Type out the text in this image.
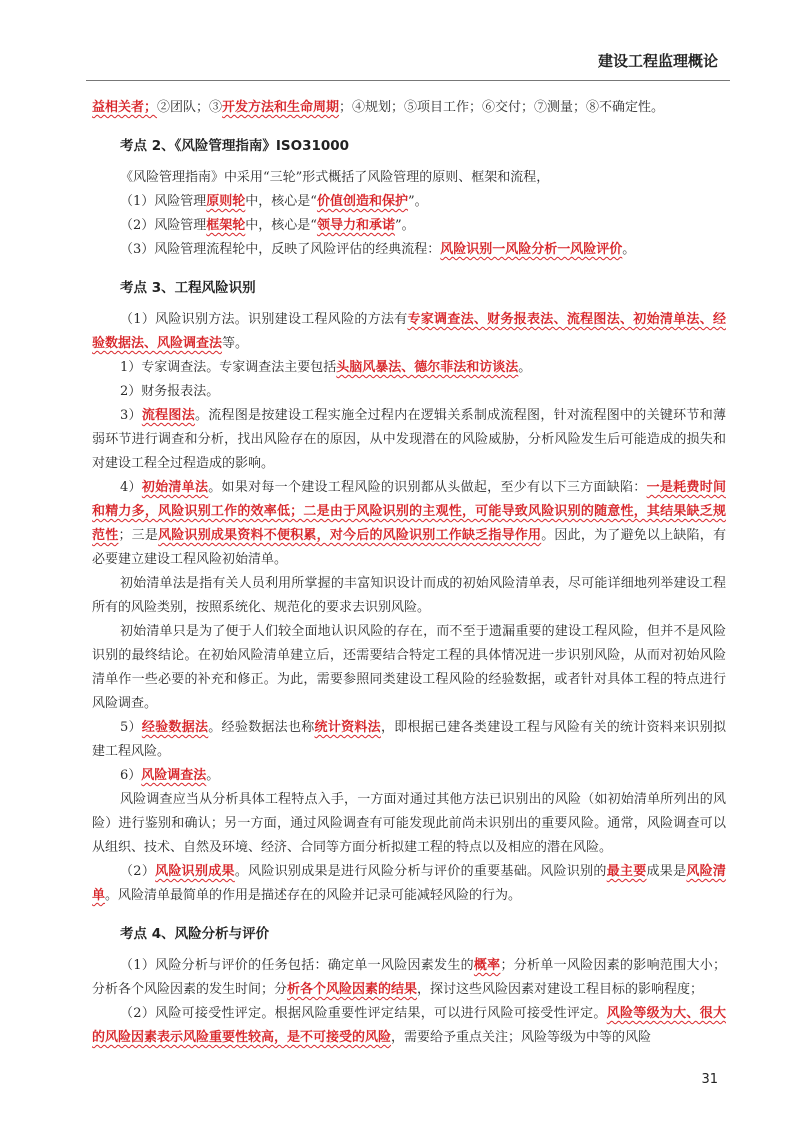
建设工程监理概论

益相关者；②团队；③开发方法和生命周期；④规划；⑤项目工作；⑥交付；⑦测量；⑧不确定性。

考点 2、《风险管理指南》ISO31000

《风险管理指南》中采用“三轮”形式概括了风险管理的原则、框架和流程，

（1）风险管理原则轮中，核心是“价值创造和保护”。

（2）风险管理框架轮中，核心是“领导力和承诺”。

（3）风险管理流程轮中，反映了风险评估的经典流程：风险识别一风险分析一风险评价。

考点 3、工程风险识别

（1）风险识别方法。识别建设工程风险的方法有专家调查法、财务报表法、流程图法、初始清单法、经验数据法、风险调查法等。

1）专家调查法。专家调查法主要包括头脑风暴法、德尔菲法和访谈法。

2）财务报表法。

3）流程图法。流程图是按建设工程实施全过程内在逻辑关系制成流程图，针对流程图中的关键环节和薄弱环节进行调查和分析，找出风险存在的原因，从中发现潜在的风险威胁，分析风险发生后可能造成的损失和对建设工程全过程造成的影响。

4）初始清单法。如果对每一个建设工程风险的识别都从头做起，至少有以下三方面缺陷：一是耗费时间和精力多，风险识别工作的效率低；二是由于风险识别的主观性，可能导致风险识别的随意性，其结果缺乏规范性；三是风险识别成果资料不便积累，对今后的风险识别工作缺乏指导作用。因此，为了避免以上缺陷，有必要建立建设工程风险初始清单。

初始清单法是指有关人员利用所掌握的丰富知识设计而成的初始风险清单表，尽可能详细地列举建设工程所有的风险类别，按照系统化、规范化的要求去识别风险。

初始清单只是为了便于人们较全面地认识风险的存在，而不至于遗漏重要的建设工程风险，但并不是风险识别的最终结论。在初始风险清单建立后，还需要结合特定工程的具体情况进一步识别风险，从而对初始风险清单作一些必要的补充和修正。为此，需要参照同类建设工程风险的经验数据，或者针对具体工程的特点进行风险调查。

5）经验数据法。经验数据法也称统计资料法，即根据已建各类建设工程与风险有关的统计资料来识别拟建工程风险。

6）风险调查法。

风险调查应当从分析具体工程特点入手，一方面对通过其他方法已识别出的风险（如初始清单所列出的风险）进行鉴别和确认；另一方面，通过风险调查有可能发现此前尚未识别出的重要风险。通常，风险调查可以从组织、技术、自然及环境、经济、合同等方面分析拟建工程的特点以及相应的潜在风险。

（2）风险识别成果。风险识别成果是进行风险分析与评价的重要基础。风险识别的最主要成果是风险清单。风险清单最简单的作用是描述存在的风险并记录可能减轻风险的行为。

考点 4、风险分析与评价

（1）风险分析与评价的任务包括：确定单一风险因素发生的概率；分析单一风险因素的影响范围大小；分析各个风险因素的发生时间；分析各个风险因素的结果，探讨这些风险因素对建设工程目标的影响程度；

（2）风险可接受性评定。根据风险重要性评定结果，可以进行风险可接受性评定。风险等级为大、很大的风险因素表示风险重要性较高，是不可接受的风险，需要给予重点关注；风险等级为中等的风险

31
